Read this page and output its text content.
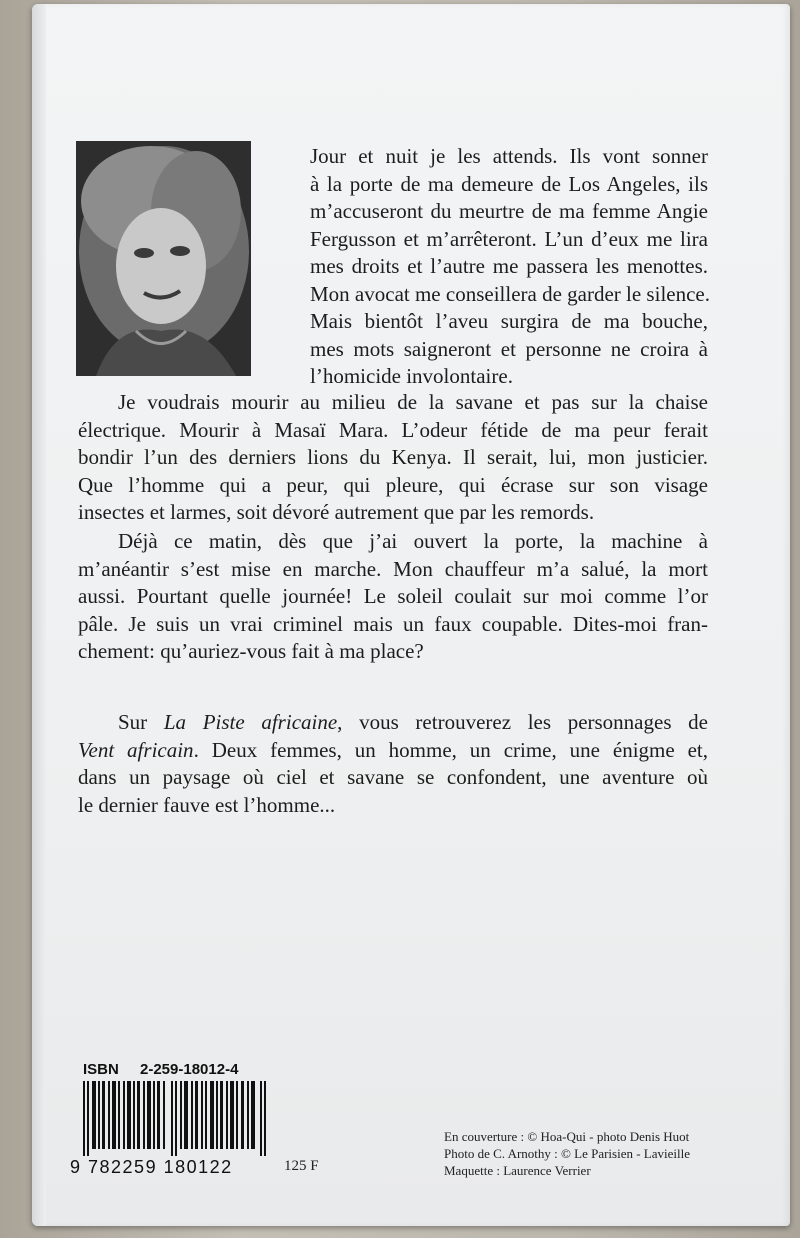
Jour et nuit je les attends. Ils vont sonner
à la porte de ma demeure de Los Angeles, ils
m’accuseront du meurtre de ma femme Angie
Fergusson et m’arrêteront. L’un d’eux me lira
mes droits et l’autre me passera les menottes.
Mon avocat me conseillera de garder le silence.
Mais bientôt l’aveu surgira de ma bouche,
mes mots saigneront et personne ne croira à
l’homicide involontaire.
Je voudrais mourir au milieu de la savane et pas sur la chaise
électrique. Mourir à Masaï Mara. L’odeur fétide de ma peur ferait
bondir l’un des derniers lions du Kenya. Il serait, lui, mon justicier.
Que l’homme qui a peur, qui pleure, qui écrase sur son visage
insectes et larmes, soit dévoré autrement que par les remords.
Déjà ce matin, dès que j’ai ouvert la porte, la machine à
m’anéantir s’est mise en marche. Mon chauffeur m’a salué, la mort
aussi. Pourtant quelle journée! Le soleil coulait sur moi comme l’or
pâle. Je suis un vrai criminel mais un faux coupable. Dites-moi fran-
chement: qu’auriez-vous fait à ma place?
Sur La Piste africaine, vous retrouverez les personnages de
Vent africain. Deux femmes, un homme, un crime, une énigme et,
dans un paysage où ciel et savane se confondent, une aventure où
le dernier fauve est l’homme...
ISBN 2-259-18012-4
9 782259 180122	125 F
En couverture : © Hoa-Qui - photo Denis Huot
Photo de C. Arnothy : © Le Parisien - Lavieille
Maquette : Laurence Verrier
